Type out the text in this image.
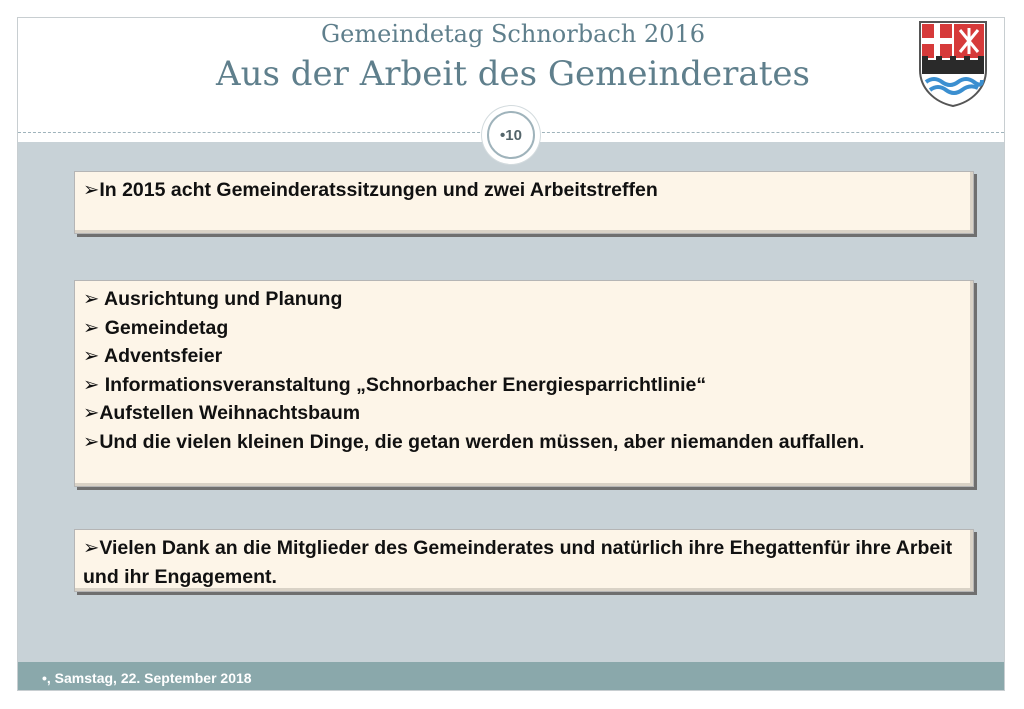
Gemeindetag Schnorbach 2016
Aus der Arbeit des Gemeinderates
•10
➢In 2015 acht Gemeinderatssitzungen und zwei Arbeitstreffen
➢ Ausrichtung und Planung
➢ Gemeindetag
➢ Adventsfeier
➢ Informationsveranstaltung „Schnorbacher Energiesparrichtlinie“
➢Aufstellen Weihnachtsbaum
➢Und die vielen kleinen Dinge, die getan werden müssen, aber niemanden auffallen.
➢Vielen Dank an die Mitglieder des Gemeinderates und natürlich ihre Ehegattenfür ihre Arbeit und ihr Engagement.
•, Samstag, 22. September 2018
